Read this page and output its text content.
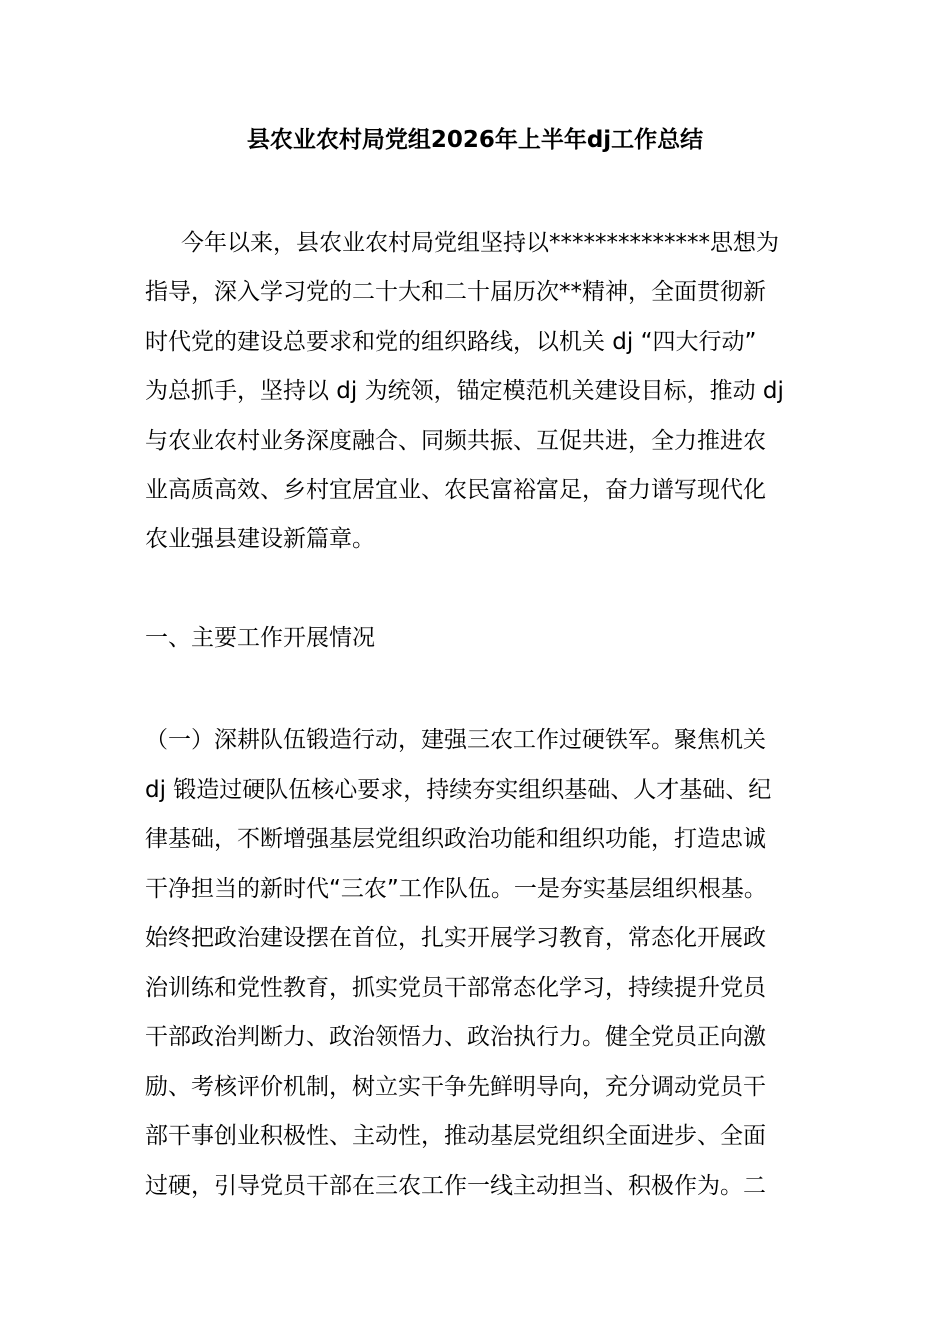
县农业农村局党组2026年上半年dj工作总结

今年以来，县农业农村局党组坚持以**************思想为

指导，深入学习党的二十大和二十届历次**精神，全面贯彻新

时代党的建设总要求和党的组织路线，以机关 dj “四大行动”

为总抓手，坚持以 dj 为统领，锚定模范机关建设目标，推动 dj

与农业农村业务深度融合、同频共振、互促共进，全力推进农

业高质高效、乡村宜居宜业、农民富裕富足，奋力谱写现代化

农业强县建设新篇章。

一、主要工作开展情况

（一）深耕队伍锻造行动，建强三农工作过硬铁军。聚焦机关

dj 锻造过硬队伍核心要求，持续夯实组织基础、人才基础、纪

律基础，不断增强基层党组织政治功能和组织功能，打造忠诚

干净担当的新时代“三农”工作队伍。一是夯实基层组织根基。

始终把政治建设摆在首位，扎实开展学习教育，常态化开展政

治训练和党性教育，抓实党员干部常态化学习，持续提升党员

干部政治判断力、政治领悟力、政治执行力。健全党员正向激

励、考核评价机制，树立实干争先鲜明导向，充分调动党员干

部干事创业积极性、主动性，推动基层党组织全面进步、全面

过硬，引导党员干部在三农工作一线主动担当、积极作为。二
